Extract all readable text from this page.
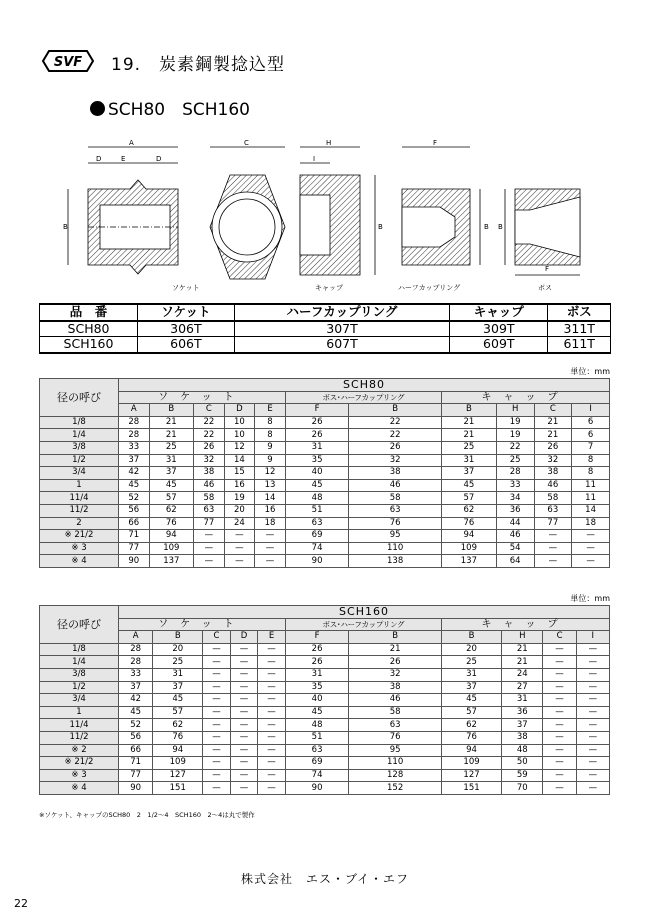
SVF 19.　 炭素鋼製捻込型
SCH80　SCH160
A
D	E	D
B
C	H
I
B
F
B B
F
ソケット	キャップ	ハーフカップリング	ボス
品　番	ソケット	ハーフカップリング	キャップ	ボス
SCH80	306T	307T	309T	311T
SCH160	606T	607T	609T	611T
単位：mm
径の呼び	SCH80										
	ソケット					ボス･ハーフカップリング		キャップ			
	A	B	C	D	E	F	B	B	H	C	I
1/8	28	21	22	10	8	26	22	21	19	21	6
1/4	28	21	22	10	8	26	22	21	19	21	6
3/8	33	25	26	12	9	31	26	25	22	26	7
1/2	37	31	32	14	9	35	32	31	25	32	8
3/4	42	37	38	15	12	40	38	37	28	38	8
1	45	45	46	16	13	45	46	45	33	46	11
11/4	52	57	58	19	14	48	58	57	34	58	11
11/2	56	62	63	20	16	51	63	62	36	63	14
2	66	76	77	24	18	63	76	76	44	77	18
※ 21/2	71	94	—	—	—	69	95	94	46	—	—
※ 3	77	109	—	—	—	74	110	109	54	—	—
※ 4	90	137	—	—	—	90	138	137	64	—	—
単位：mm
径の呼び	SCH160										
	ソケット					ボス･ハーフカップリング		キャップ			
	A	B	C	D	E	F	B	B	H	C	I
1/8	28	20	—	—	—	26	21	20	21	—	—
1/4	28	25	—	—	—	26	26	25	21	—	—
3/8	33	31	—	—	—	31	32	31	24	—	—
1/2	37	37	—	—	—	35	38	37	27	—	—
3/4	42	45	—	—	—	40	46	45	31	—	—
1	45	57	—	—	—	45	58	57	36	—	—
11/4	52	62	—	—	—	48	63	62	37	—	—
11/2	56	76	—	—	—	51	76	76	38	—	—
※ 2	66	94	—	—	—	63	95	94	48	—	—
※ 21/2	71	109	—	—	—	69	110	109	50	—	—
※ 3	77	127	—	—	—	74	128	127	59	—	—
※ 4	90	151	—	—	—	90	152	151	70	—	—
※ソケット、キャップのSCH80　2　1/2～4　SCH160　2～4は丸で製作
株式会社　エス・ブイ・エフ
22
